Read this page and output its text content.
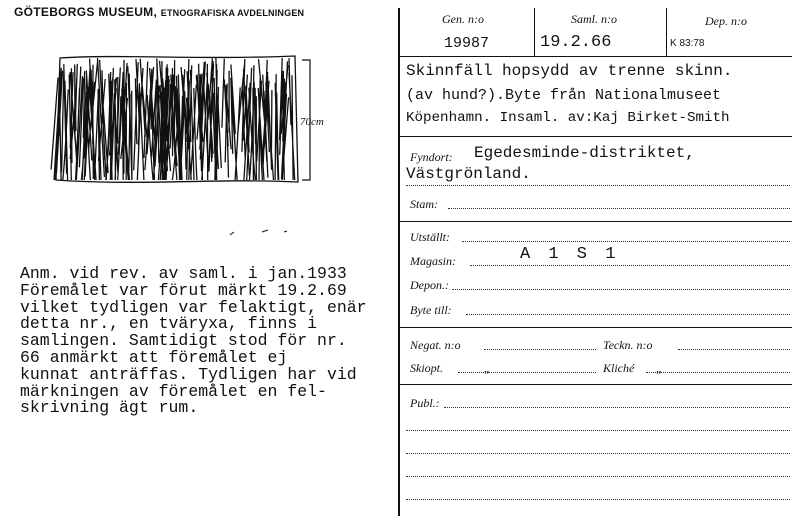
GÖTEBORGS MUSEUM, ETNOGRAFISKA AVDELNINGEN
70cm
Anm. vid rev. av saml. i jan.1933
Föremålet var förut märkt 19.2.69
vilket tydligen var felaktigt, enär
detta nr., en tväryxa, finns i
samlingen. Samtidigt stod för nr.
66 anmärkt att föremålet ej
kunnat anträffas. Tydligen har vid
märkningen av föremålet en fel-
skrivning ägt rum.
Gen. n:o	Saml. n:o	Dep. n:o
19987	19.2.66	K 83:78
Skinnfäll hopsydd av trenne skinn.
(av hund?).Byte från Nationalmuseet
Köpenhamn. Insaml. av:Kaj Birket-Smith
Fyndort: Egedesminde-distriktet,
Västgrönland.
Stam:
Utställt:
Magasin:	A 1 S 1
Depon.:
Byte till:
Negat. n:o	Teckn. n:o
Skiopt.	„	Kliché „
Publ.:
